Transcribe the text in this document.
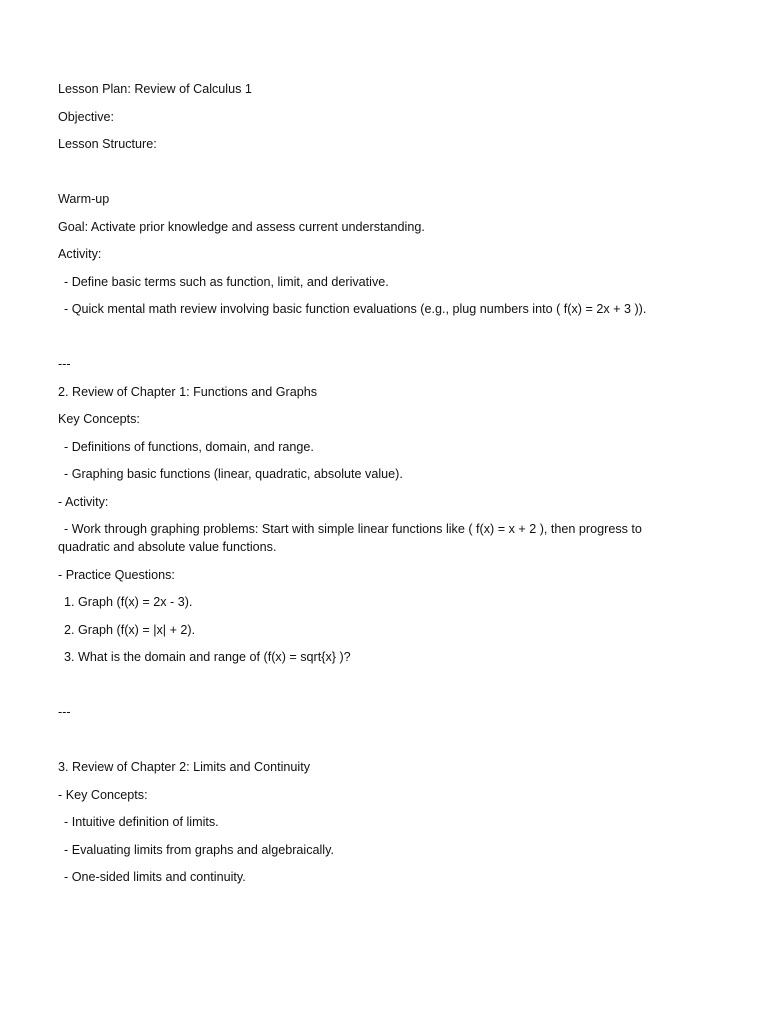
Lesson Plan: Review of Calculus 1
Objective:
Lesson Structure:
Warm-up
Goal: Activate prior knowledge and assess current understanding.
Activity:
- Define basic terms such as function, limit, and derivative.
- Quick mental math review involving basic function evaluations (e.g., plug numbers into ( f(x) = 2x + 3 )).
---
2. Review of Chapter 1: Functions and Graphs
Key Concepts:
- Definitions of functions, domain, and range.
- Graphing basic functions (linear, quadratic, absolute value).
- Activity:
- Work through graphing problems: Start with simple linear functions like ( f(x) = x + 2 ), then progress to quadratic and absolute value functions.
- Practice Questions:
1. Graph (f(x) = 2x - 3).
2. Graph (f(x) = |x| + 2).
3. What is the domain and range of (f(x) = sqrt{x} )?
---
3. Review of Chapter 2: Limits and Continuity
- Key Concepts:
- Intuitive definition of limits.
- Evaluating limits from graphs and algebraically.
- One-sided limits and continuity.
